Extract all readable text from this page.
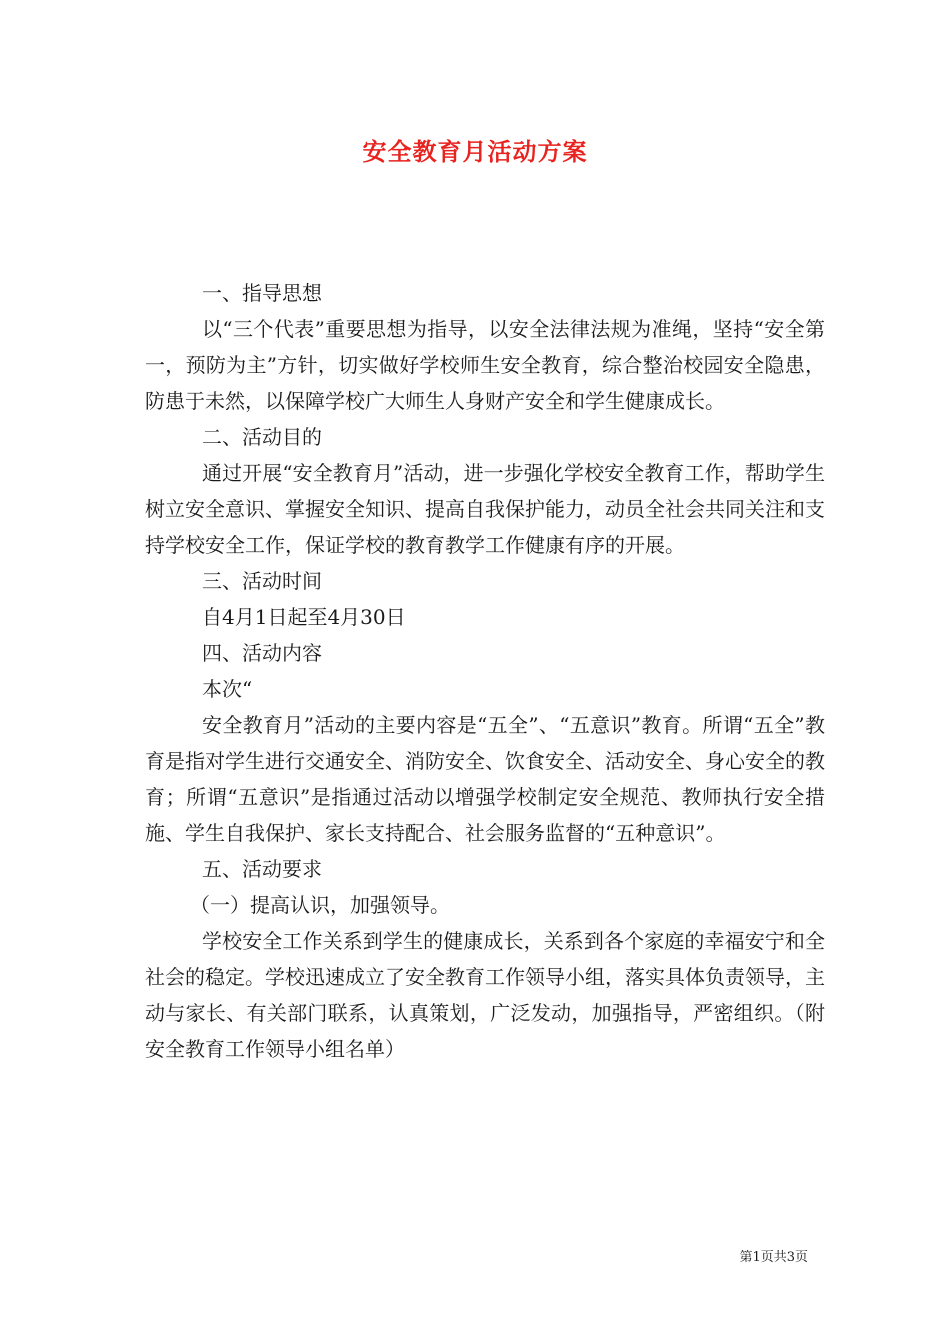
安全教育月活动方案

一、指导思想

以“三个代表”重要思想为指导，以安全法律法规为准绳，坚持“安全第一，预防为主”方针，切实做好学校师生安全教育，综合整治校园安全隐患，防患于未然，以保障学校广大师生人身财产安全和学生健康成长。

二、活动目的

通过开展“安全教育月”活动，进一步强化学校安全教育工作，帮助学生树立安全意识、掌握安全知识、提高自我保护能力，动员全社会共同关注和支持学校安全工作，保证学校的教育教学工作健康有序的开展。

三、活动时间

自4月1日起至4月30日

四、活动内容

本次“

安全教育月”活动的主要内容是“五全”、“五意识”教育。所谓“五全”教育是指对学生进行交通安全、消防安全、饮食安全、活动安全、身心安全的教育；所谓“五意识”是指通过活动以增强学校制定安全规范、教师执行安全措施、学生自我保护、家长支持配合、社会服务监督的“五种意识”。

五、活动要求

（一）提高认识，加强领导。

学校安全工作关系到学生的健康成长，关系到各个家庭的幸福安宁和全社会的稳定。学校迅速成立了安全教育工作领导小组，落实具体负责领导，主动与家长、有关部门联系，认真策划，广泛发动，加强指导，严密组织。（附安全教育工作领导小组名单）

第1页共3页
